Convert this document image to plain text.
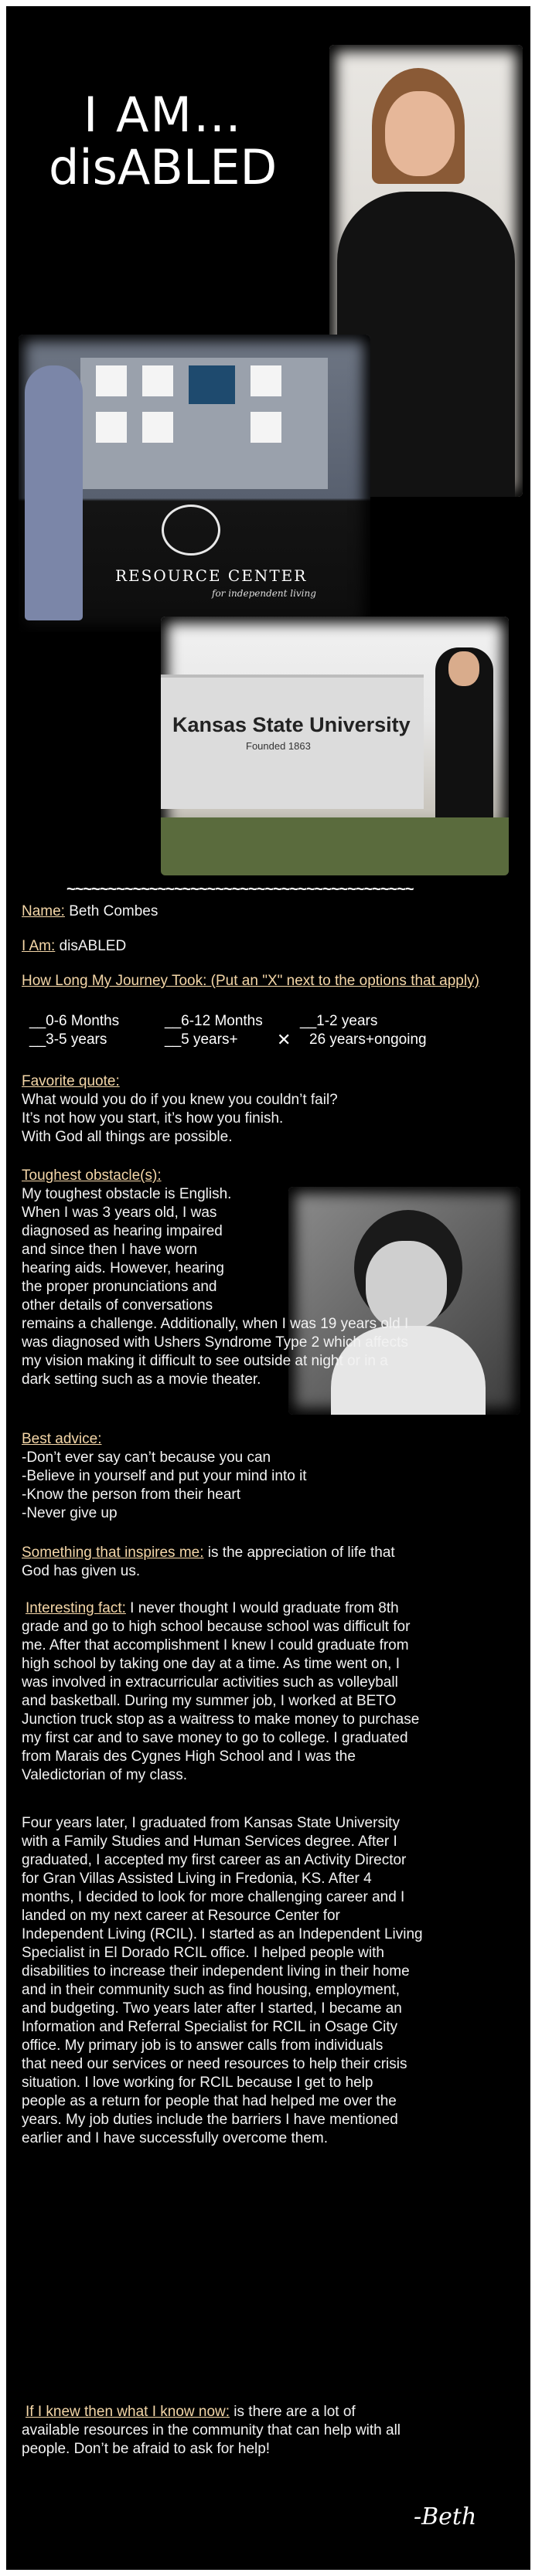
I AM…
disABLED
RESOURCE CENTER
for independent living
Kansas State University
Founded 1863
~~~~~~~~~~~~~~~~~~~~~~~~~~~~~~~~~~~~~~~~~~
Name: Beth Combes
I Am: disABLED
How Long My Journey Took: (Put an "X" next to the options that apply)
__0-6 Months	__6-12 Months	__1-2 years
__3-5 years	__5 years+ ✕ 26 years+ongoing
Favorite quote:
What would you do if you knew you couldn’t fail?
It’s not how you start, it’s how you finish.
With God all things are possible.
Toughest obstacle(s):
My toughest obstacle is English.
When I was 3 years old, I was
diagnosed as hearing impaired
and since then I have worn
hearing aids. However, hearing
the proper pronunciations and
other details of conversations
remains a challenge. Additionally, when I was 19 years old I
was diagnosed with Ushers Syndrome Type 2 which affects
my vision making it difficult to see outside at night or in a
dark setting such as a movie theater.
Best advice:
-Don’t ever say can’t because you can
-Believe in yourself and put your mind into it
-Know the person from their heart
-Never give up
Something that inspires me: is the appreciation of life that
God has given us.
Interesting fact: I never thought I would graduate from 8th
grade and go to high school because school was difficult for
me. After that accomplishment I knew I could graduate from
high school by taking one day at a time. As time went on, I
was involved in extracurricular activities such as volleyball
and basketball. During my summer job, I worked at BETO
Junction truck stop as a waitress to make money to purchase
my first car and to save money to go to college. I graduated
from Marais des Cygnes High School and I was the
Valedictorian of my class.
Four years later, I graduated from Kansas State University
with a Family Studies and Human Services degree. After I
graduated, I accepted my first career as an Activity Director
for Gran Villas Assisted Living in Fredonia, KS. After 4
months, I decided to look for more challenging career and I
landed on my next career at Resource Center for
Independent Living (RCIL). I started as an Independent Living
Specialist in El Dorado RCIL office. I helped people with
disabilities to increase their independent living in their home
and in their community such as find housing, employment,
and budgeting. Two years later after I started, I became an
Information and Referral Specialist for RCIL in Osage City
office. My primary job is to answer calls from individuals
that need our services or need resources to help their crisis
situation. I love working for RCIL because I get to help
people as a return for people that had helped me over the
years. My job duties include the barriers I have mentioned
earlier and I have successfully overcome them.
If I knew then what I know now: is there are a lot of
available resources in the community that can help with all
people. Don’t be afraid to ask for help!
-Beth
